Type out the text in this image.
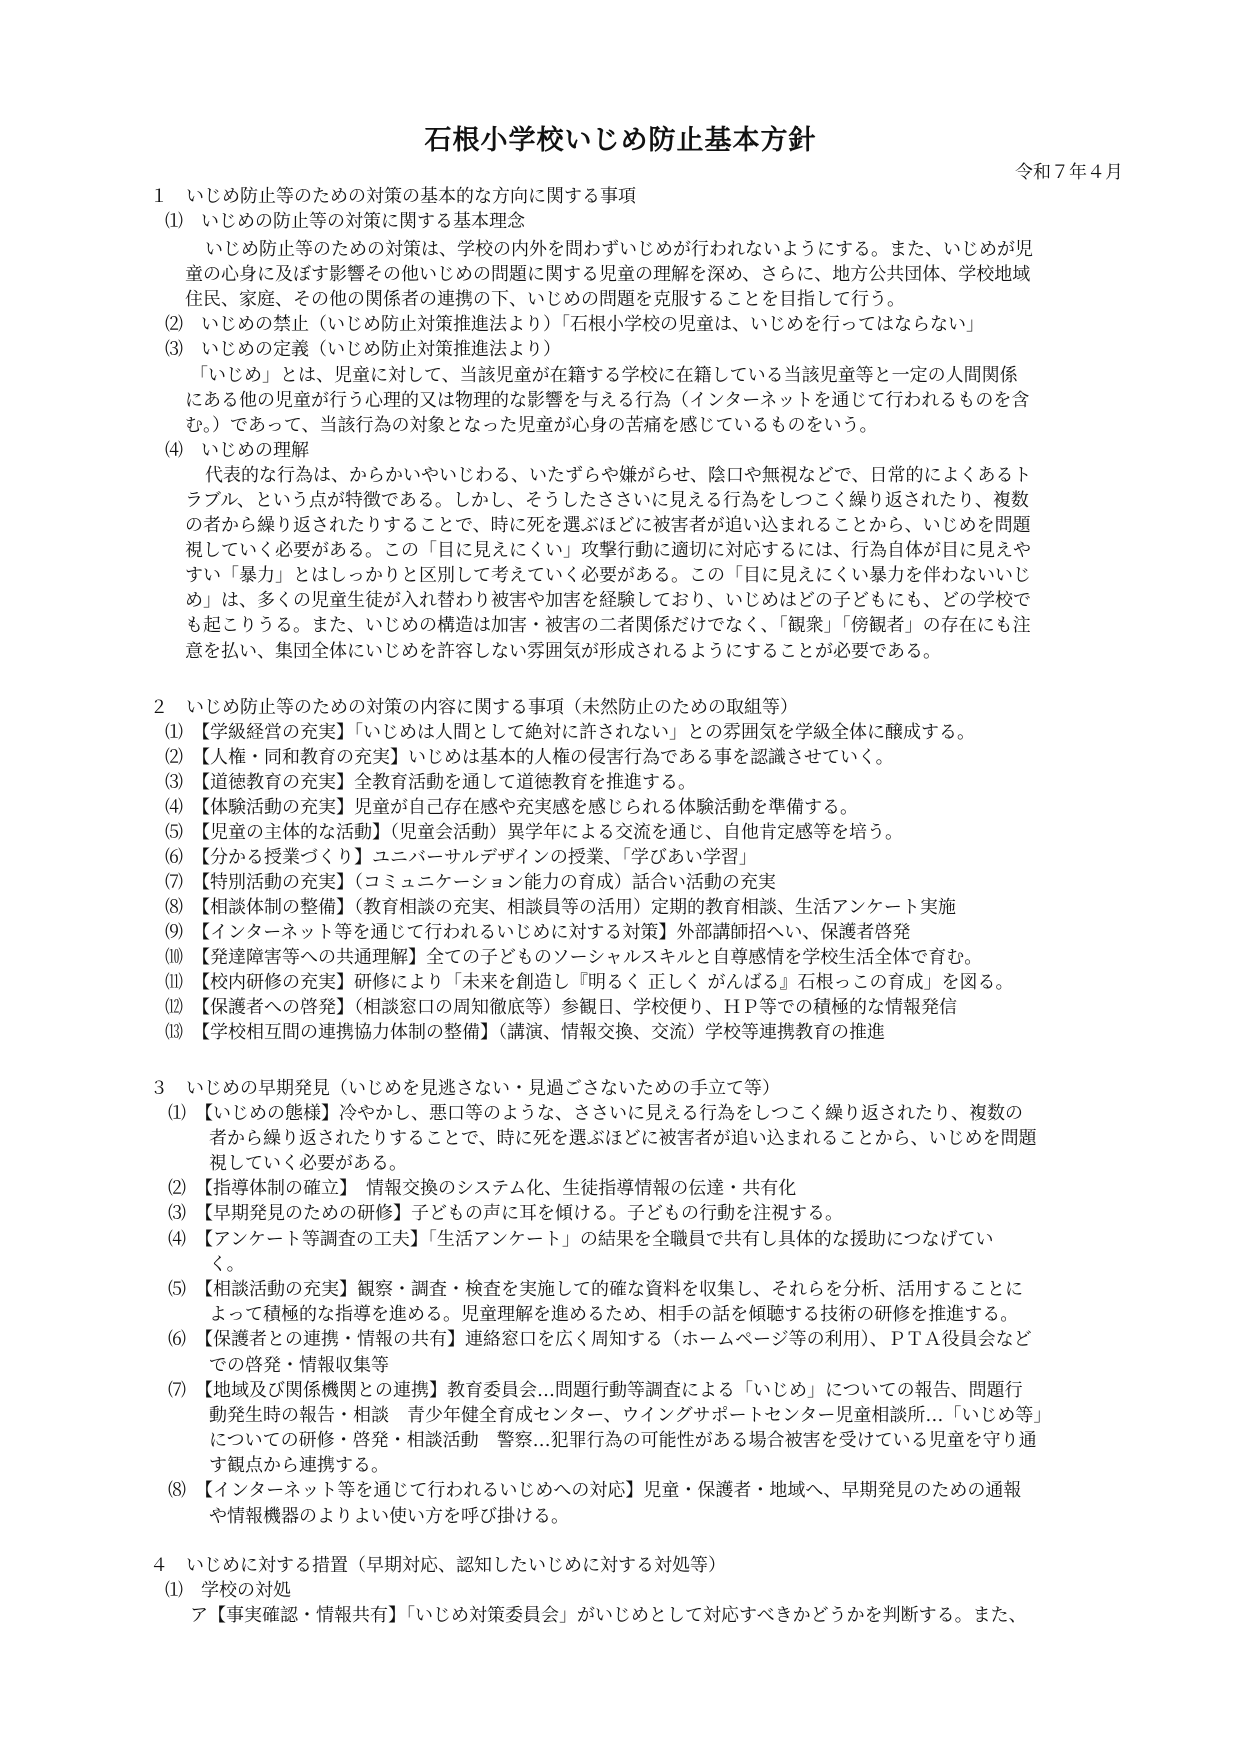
石根小学校いじめ防止基本方針
令和７年４月
１　いじめ防止等のための対策の基本的な方向に関する事項
⑴　いじめの防止等の対策に関する基本理念
いじめ防止等のための対策は、学校の内外を問わずいじめが行われないようにする。また、いじめが児
童の心身に及ぼす影響その他いじめの問題に関する児童の理解を深め、さらに、地方公共団体、学校地域
住民、家庭、その他の関係者の連携の下、いじめの問題を克服することを目指して行う。
⑵　いじめの禁止（いじめ防止対策推進法より）「石根小学校の児童は、いじめを行ってはならない」
⑶　いじめの定義（いじめ防止対策推進法より）
「いじめ」とは、児童に対して、当該児童が在籍する学校に在籍している当該児童等と一定の人間関係
にある他の児童が行う心理的又は物理的な影響を与える行為（インターネットを通じて行われるものを含
む。）であって、当該行為の対象となった児童が心身の苦痛を感じているものをいう。
⑷　いじめの理解
代表的な行為は、からかいやいじわる、いたずらや嫌がらせ、陰口や無視などで、日常的によくあるト
ラブル、という点が特徴である。しかし、そうしたささいに見える行為をしつこく繰り返されたり、複数
の者から繰り返されたりすることで、時に死を選ぶほどに被害者が追い込まれることから、いじめを問題
視していく必要がある。この「目に見えにくい」攻撃行動に適切に対応するには、行為自体が目に見えや
すい「暴力」とはしっかりと区別して考えていく必要がある。この「目に見えにくい暴力を伴わないいじ
め」は、多くの児童生徒が入れ替わり被害や加害を経験しており、いじめはどの子どもにも、どの学校で
も起こりうる。また、いじめの構造は加害・被害の二者関係だけでなく、「観衆」「傍観者」の存在にも注
意を払い、集団全体にいじめを許容しない雰囲気が形成されるようにすることが必要である。
２　いじめ防止等のための対策の内容に関する事項（未然防止のための取組等）
⑴　【学級経営の充実】「いじめは人間として絶対に許されない」との雰囲気を学級全体に醸成する。
⑵　【人権・同和教育の充実】いじめは基本的人権の侵害行為である事を認識させていく。
⑶　【道徳教育の充実】全教育活動を通して道徳教育を推進する。
⑷　【体験活動の充実】児童が自己存在感や充実感を感じられる体験活動を準備する。
⑸　【児童の主体的な活動】（児童会活動）異学年による交流を通じ、自他肯定感等を培う。
⑹　【分かる授業づくり】ユニバーサルデザインの授業、「学びあい学習」
⑺　【特別活動の充実】（コミュニケーション能力の育成）話合い活動の充実
⑻　【相談体制の整備】（教育相談の充実、相談員等の活用）定期的教育相談、生活アンケート実施
⑼　【インターネット等を通じて行われるいじめに対する対策】外部講師招へい、保護者啓発
⑽　【発達障害等への共通理解】全ての子どものソーシャルスキルと自尊感情を学校生活全体で育む。
⑾　【校内研修の充実】研修により「未来を創造し『明るく 正しく がんばる』石根っこの育成」を図る。
⑿　【保護者への啓発】（相談窓口の周知徹底等）参観日、学校便り、ＨＰ等での積極的な情報発信
⒀　【学校相互間の連携協力体制の整備】（講演、情報交換、交流）学校等連携教育の推進
３　いじめの早期発見（いじめを見逃さない・見過ごさないための手立て等）
⑴　【いじめの態様】冷やかし、悪口等のような、ささいに見える行為をしつこく繰り返されたり、複数の
者から繰り返されたりすることで、時に死を選ぶほどに被害者が追い込まれることから、いじめを問題
視していく必要がある。
⑵　【指導体制の確立】　情報交換のシステム化、生徒指導情報の伝達・共有化
⑶　【早期発見のための研修】子どもの声に耳を傾ける。子どもの行動を注視する。
⑷　【アンケート等調査の工夫】「生活アンケート」の結果を全職員で共有し具体的な援助につなげてい
く。
⑸　【相談活動の充実】観察・調査・検査を実施して的確な資料を収集し、それらを分析、活用することに
よって積極的な指導を進める。児童理解を進めるため、相手の話を傾聴する技術の研修を推進する。
⑹　【保護者との連携・情報の共有】連絡窓口を広く周知する（ホームページ等の利用）、ＰＴＡ役員会など
での啓発・情報収集等
⑺　【地域及び関係機関との連携】教育委員会…問題行動等調査による「いじめ」についての報告、問題行
動発生時の報告・相談　青少年健全育成センター、ウイングサポートセンター児童相談所…「いじめ等」
についての研修・啓発・相談活動　警察…犯罪行為の可能性がある場合被害を受けている児童を守り通
す観点から連携する。
⑻　【インターネット等を通じて行われるいじめへの対応】児童・保護者・地域へ、早期発見のための通報
や情報機器のよりよい使い方を呼び掛ける。
４　いじめに対する措置（早期対応、認知したいじめに対する対処等）
⑴　学校の対処
ア【事実確認・情報共有】「いじめ対策委員会」がいじめとして対応すべきかどうかを判断する。また、
